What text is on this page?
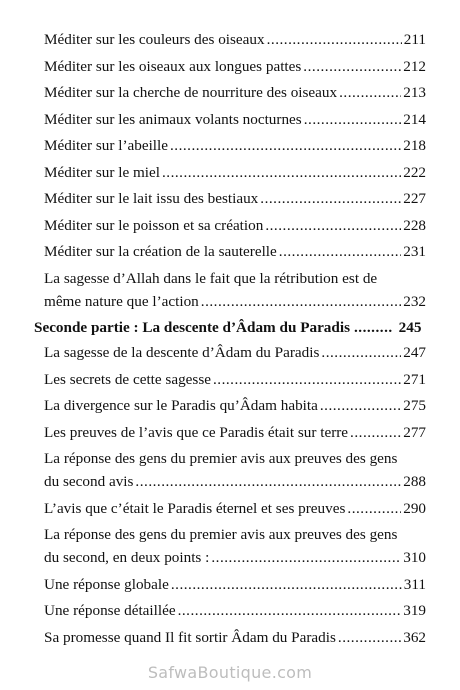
Méditer sur les couleurs des oiseaux .....	211
Méditer sur les oiseaux aux longues pattes .....	212
Méditer sur la cherche de nourriture des oiseaux .....	213
Méditer sur les animaux volants nocturnes .....	214
Méditer sur l’abeille .....	218
Méditer sur le miel .....	222
Méditer sur le lait issu des bestiaux .....	227
Méditer sur le poisson et sa création .....	228
Méditer sur la création de la sauterelle .....	231
La sagesse d’Allah dans le fait que la rétribution est de
même nature que l’action .....	232
Seconde partie : La descente d’Âdam du Paradis .....	245
La sagesse de la descente d’Âdam du Paradis .....	247
Les secrets de cette sagesse .....	271
La divergence sur le Paradis qu’Âdam habita .....	275
Les preuves de l’avis que ce Paradis était sur terre .....	277
La réponse des gens du premier avis aux preuves des gens
du second avis .....	288
L’avis que c’était le Paradis éternel et ses preuves .....	290
La réponse des gens du premier avis aux preuves des gens
du second, en deux points : .....	310
Une réponse globale .....	311
Une réponse détaillée .....	319
Sa promesse quand Il fit sortir Âdam du Paradis .....	362
SafwaBoutique.com
